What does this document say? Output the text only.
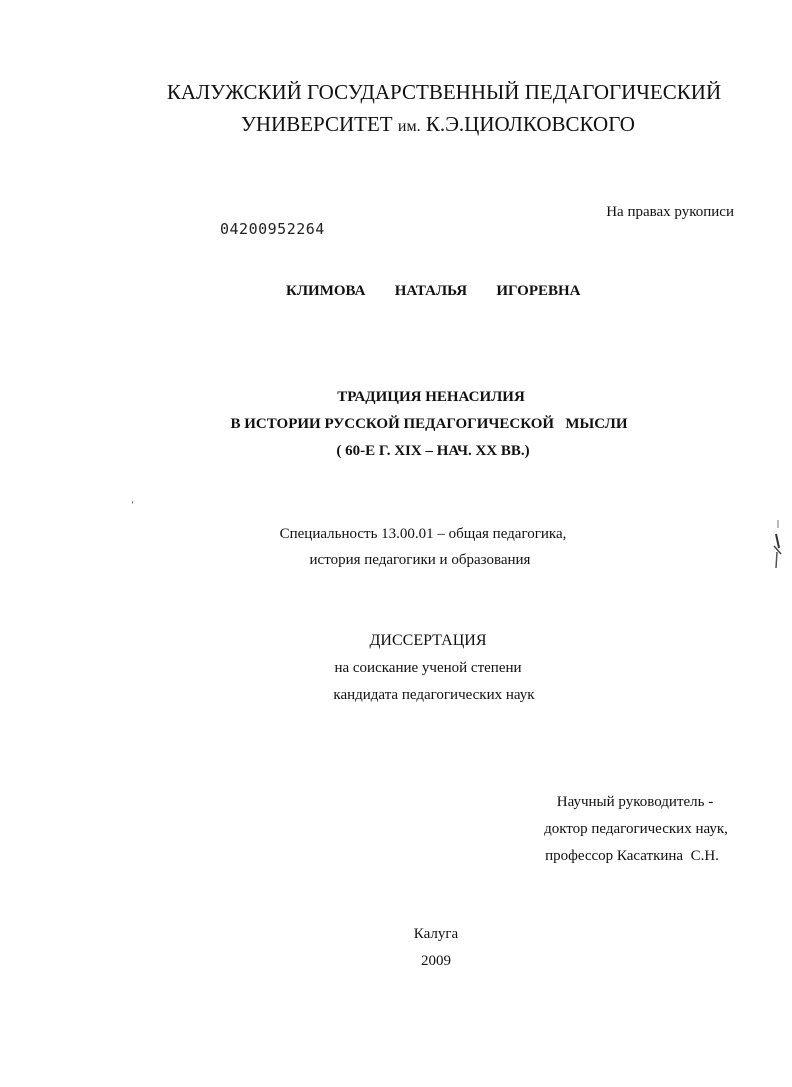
КАЛУЖСКИЙ ГОСУДАРСТВЕННЫЙ ПЕДАГОГИЧЕСКИЙ
УНИВЕРСИТЕТ им. К.Э.ЦИОЛКОВСКОГО
На правах рукописи
04200952264
КЛИМОВА   НАТАЛЬЯ   ИГОРЕВНА
ТРАДИЦИЯ НЕНАСИЛИЯ
В ИСТОРИИ РУССКОЙ ПЕДАГОГИЧЕСКОЙ   МЫСЛИ
( 60-Е Г. XIX – НАЧ. XX ВВ.)
ʻ
Специальность 13.00.01 – общая педагогика,
история педагогики и образования
ДИССЕРТАЦИЯ
на соискание ученой степени
кандидата педагогических наук
Научный руководитель -
доктор педагогических наук,
профессор Касаткина  С.Н.
Калуга
2009
